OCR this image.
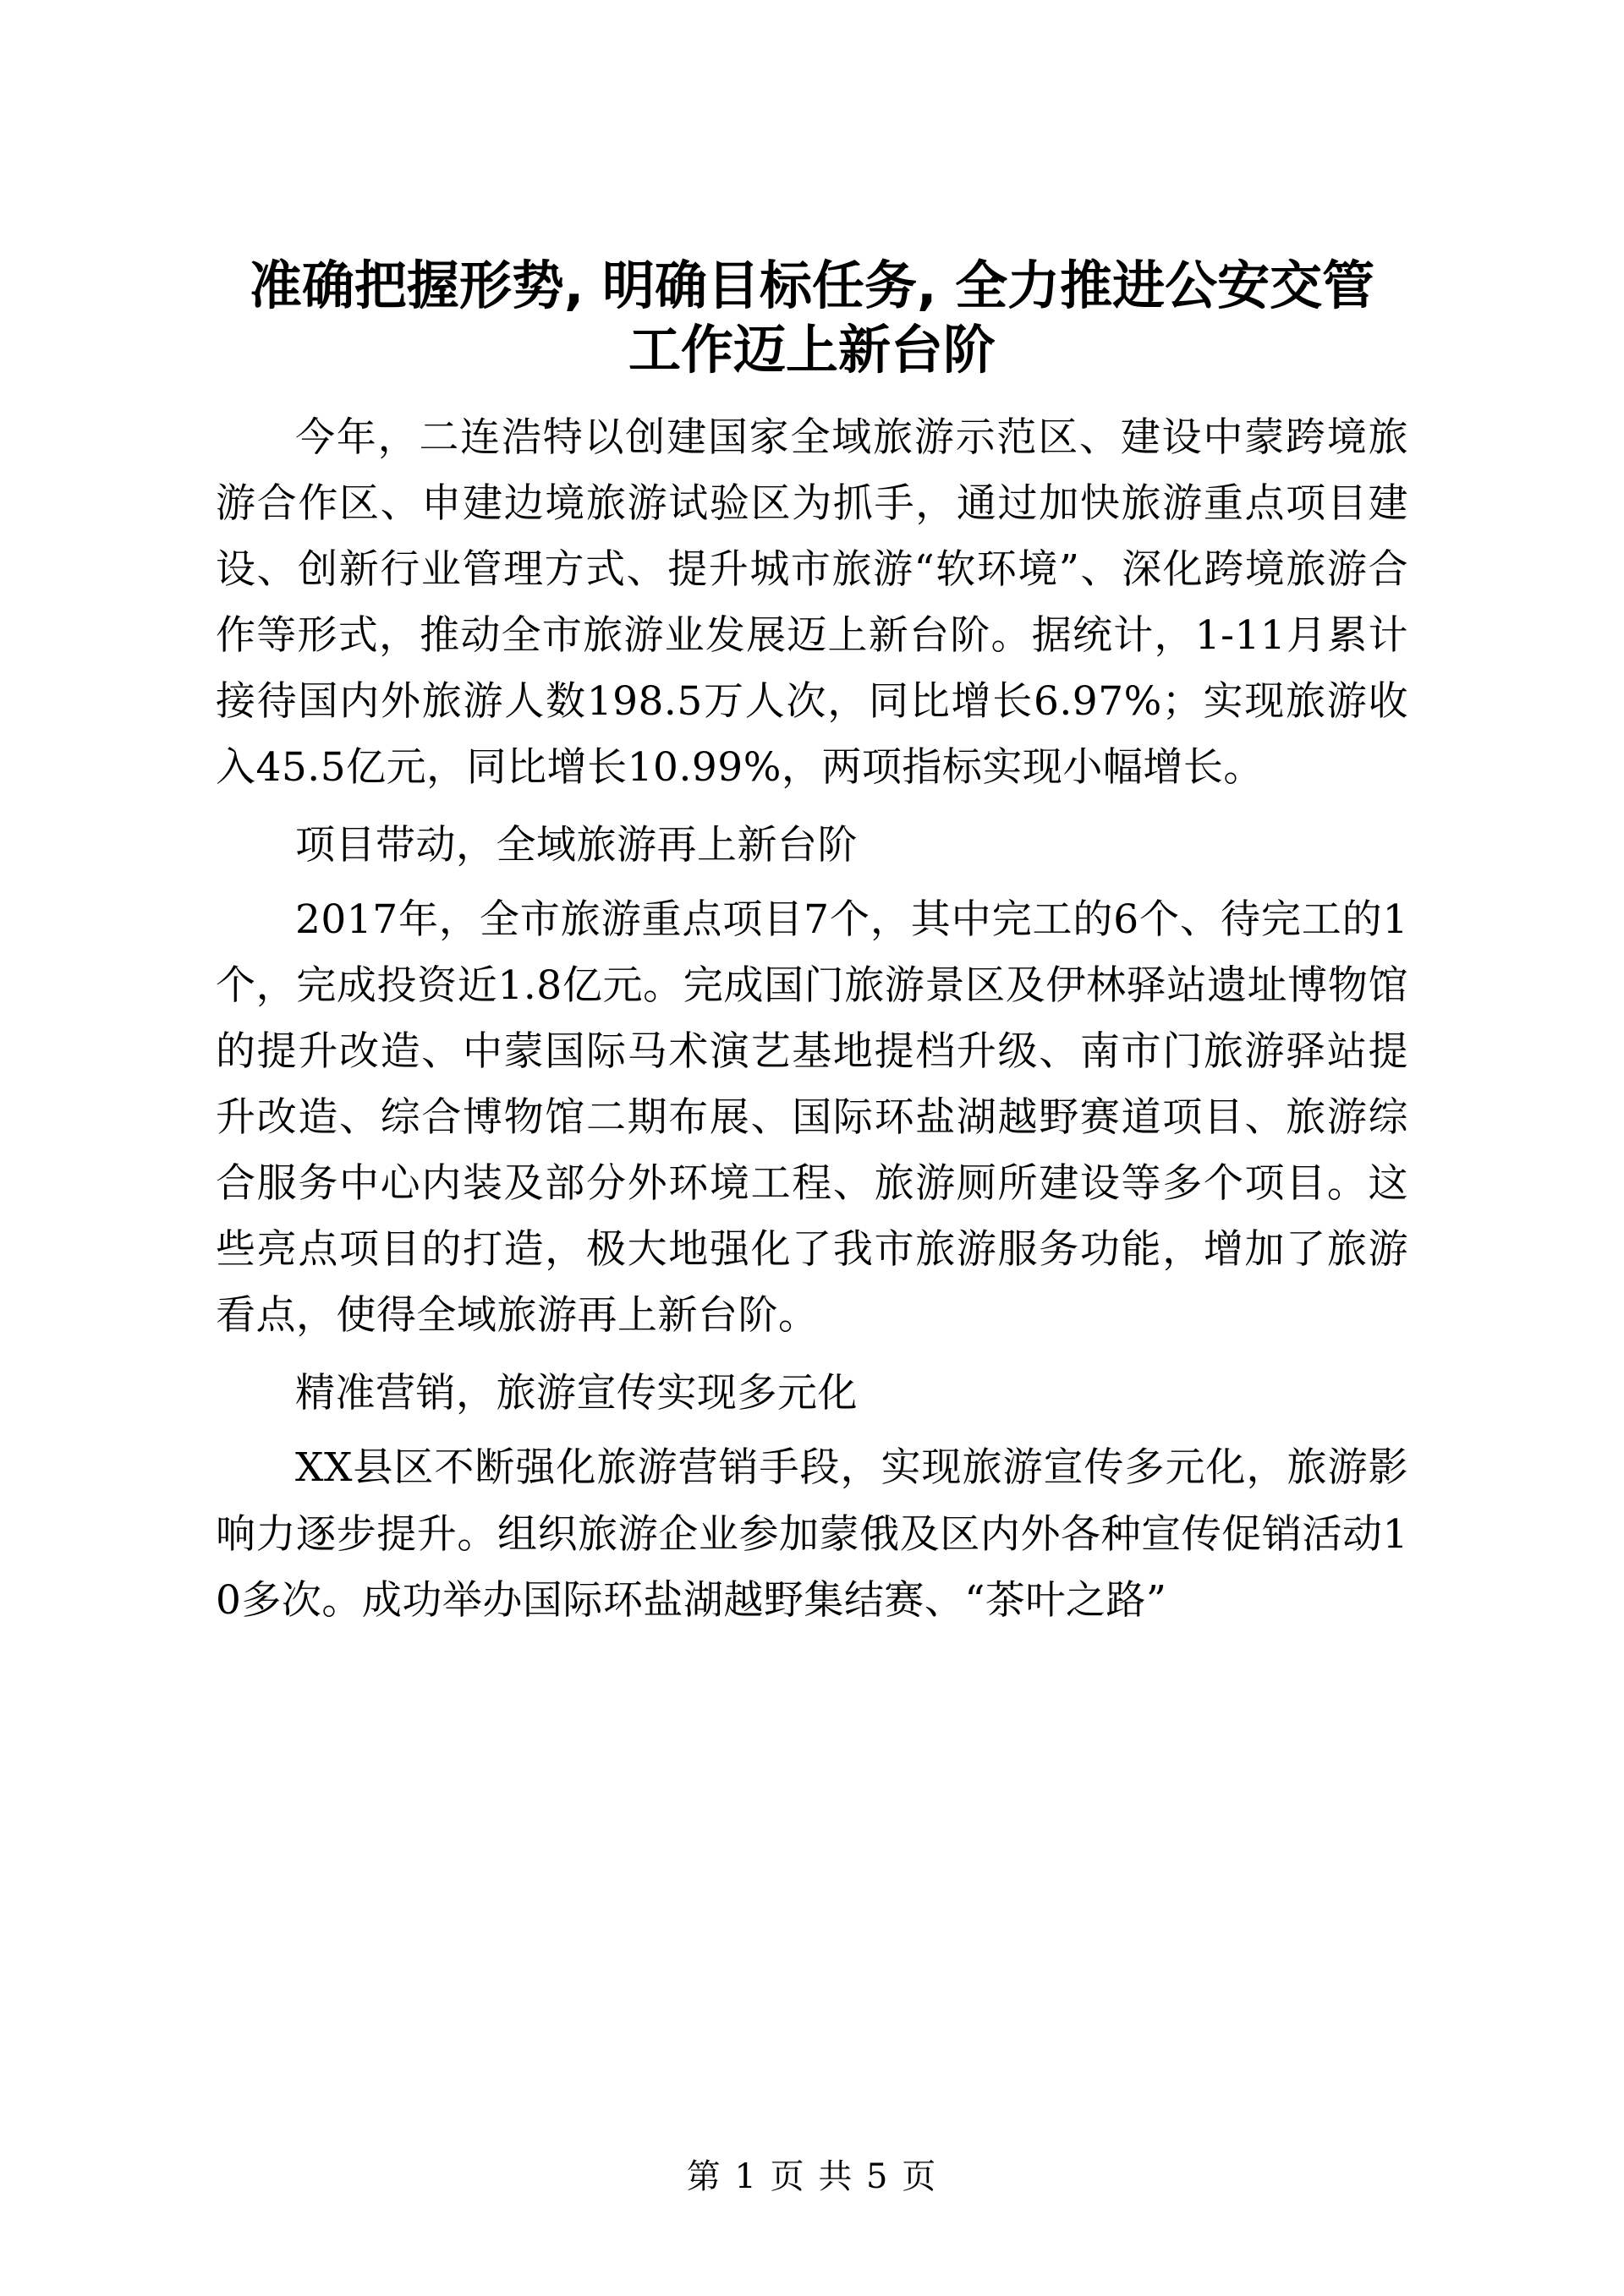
准确把握形势, 明确目标任务, 全力推进公安交管工作迈上新台阶

今年，二连浩特以创建国家全域旅游示范区、建设中蒙跨境旅游合作区、申建边境旅游试验区为抓手，通过加快旅游重点项目建设、创新行业管理方式、提升城市旅游“软环境”、深化跨境旅游合作等形式，推动全市旅游业发展迈上新台阶。据统计，1-11月累计接待国内外旅游人数198.5万人次，同比增长6.97%；实现旅游收入45.5亿元，同比增长10.99%，两项指标实现小幅增长。

项目带动，全域旅游再上新台阶

2017年，全市旅游重点项目7个，其中完工的6个、待完工的1个，完成投资近1.8亿元。完成国门旅游景区及伊林驿站遗址博物馆的提升改造、中蒙国际马术演艺基地提档升级、南市门旅游驿站提升改造、综合博物馆二期布展、国际环盐湖越野赛道项目、旅游综合服务中心内装及部分外环境工程、旅游厕所建设等多个项目。这些亮点项目的打造，极大地强化了我市旅游服务功能，增加了旅游看点，使得全域旅游再上新台阶。

精准营销，旅游宣传实现多元化

XX县区不断强化旅游营销手段，实现旅游宣传多元化，旅游影响力逐步提升。组织旅游企业参加蒙俄及区内外各种宣传促销活动10多次。成功举办国际环盐湖越野集结赛、“茶叶之路”

第 1 页 共 5 页
